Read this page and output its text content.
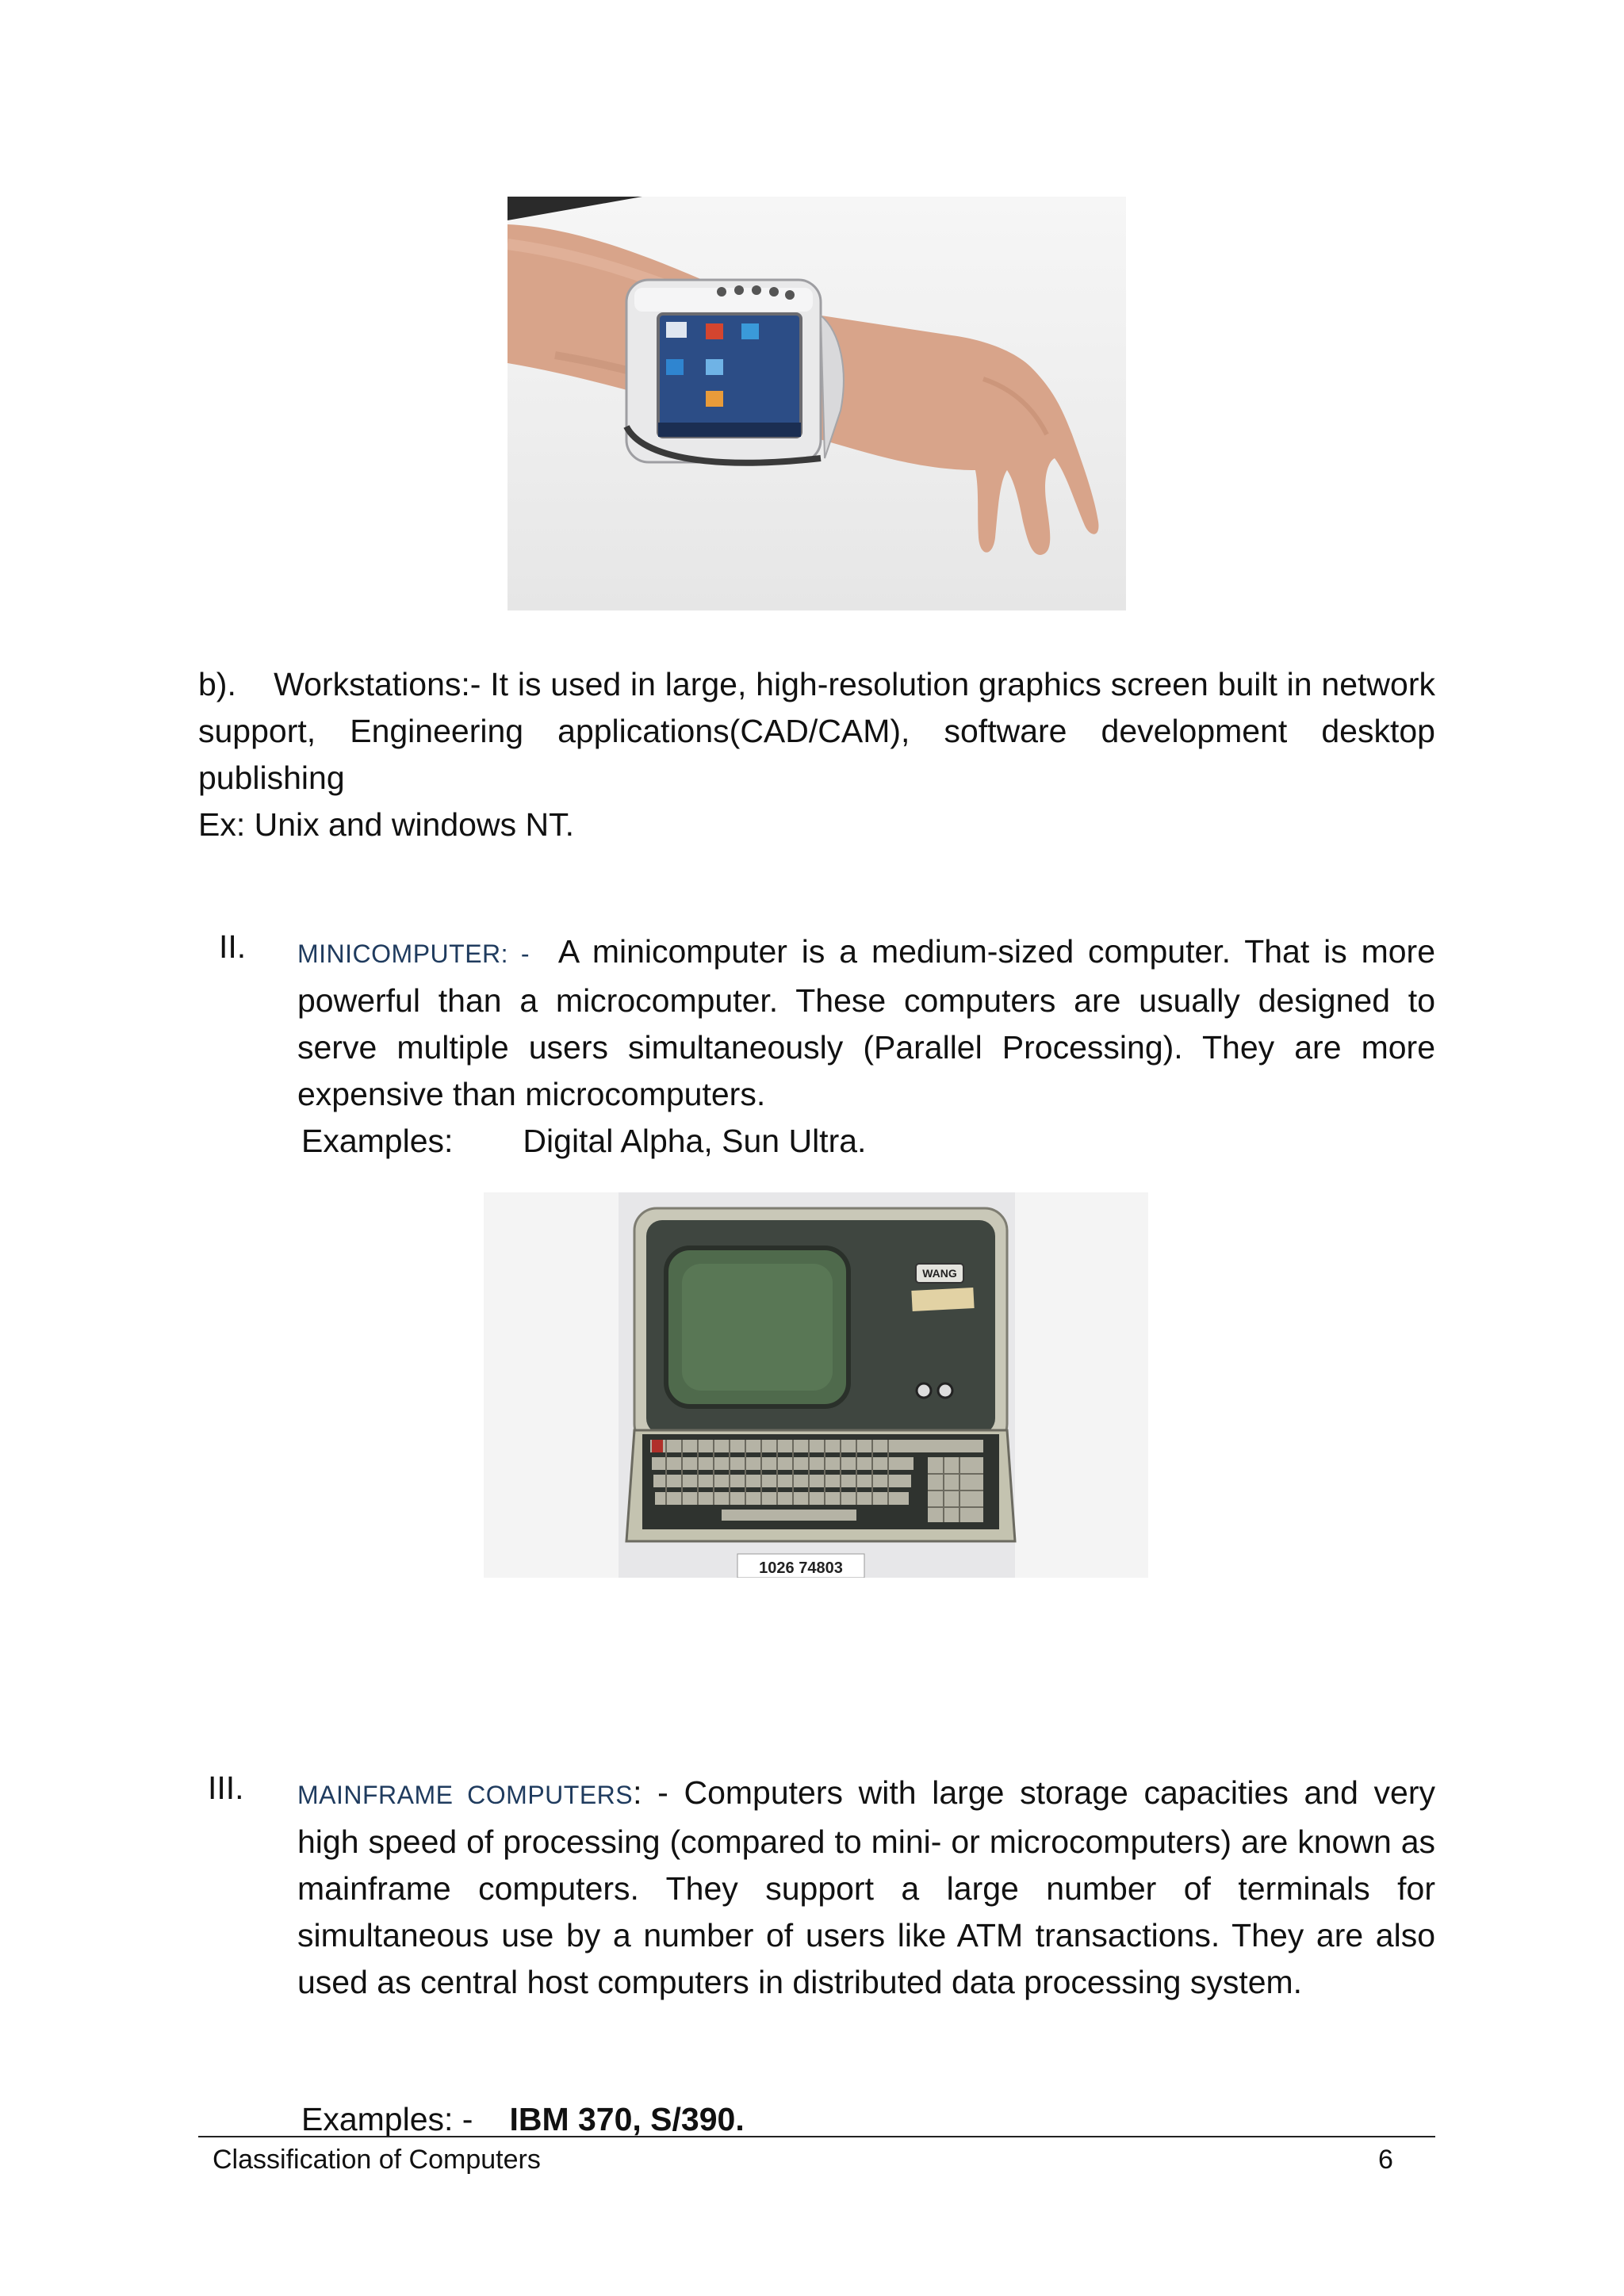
b).    Workstations:- It is used in large, high-resolution graphics screen built in network support, Engineering applications(CAD/CAM), software development desktop publishing
Ex: Unix and windows NT.
II. MINICOMPUTER: - A minicomputer is a medium-sized computer. That is more powerful than a microcomputer. These computers are usually designed to serve multiple users simultaneously (Parallel Processing). They are more expensive than microcomputers.
Examples: Digital Alpha, Sun Ultra.
WANG
1026 74803
III. MAINFRAME COMPUTERS: - Computers with large storage capacities and very high speed of processing (compared to mini- or microcomputers) are known as mainframe computers. They support a large number of terminals for simultaneous use by a number of users like ATM transactions. They are also used as central host computers in distributed data processing system.
Examples: - IBM 370, S/390.
Classification of Computers	6
